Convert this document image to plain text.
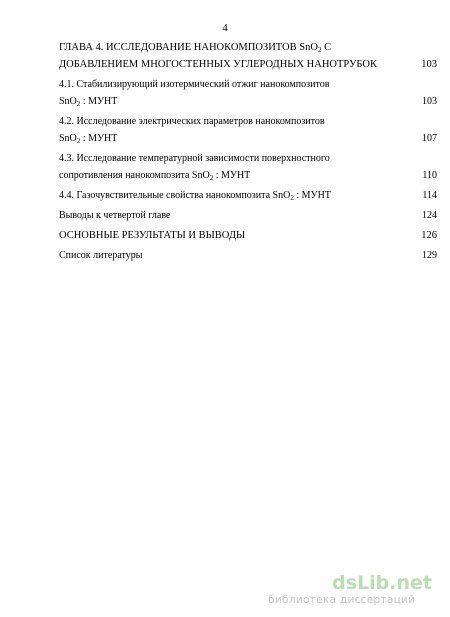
4
ГЛАВА 4. ИССЛЕДОВАНИЕ НАНОКОМПОЗИТОВ SnO$_2$ С
ДОБАВЛЕНИЕМ МНОГОСТЕННЫХ УГЛЕРОДНЫХ НАНОТРУБОК	103
4.1. Стабилизирующий изотермический отжиг нанокомпозитов
SnO$_2$ : МУНТ	103
4.2. Исследование электрических параметров нанокомпозитов
SnO$_2$ : МУНТ	107
4.3. Исследование температурной зависимости поверхностного
сопротивления нанокомпозита SnO$_2$ : МУНТ	110
4.4. Газочувствительные свойства нанокомпозита SnO$_2$ : МУНТ	114
Выводы к четвертой главе	124
ОСНОВНЫЕ РЕЗУЛЬТАТЫ И ВЫВОДЫ	126
Список литературы	129
dsLib.net
библиотека диссертаций
